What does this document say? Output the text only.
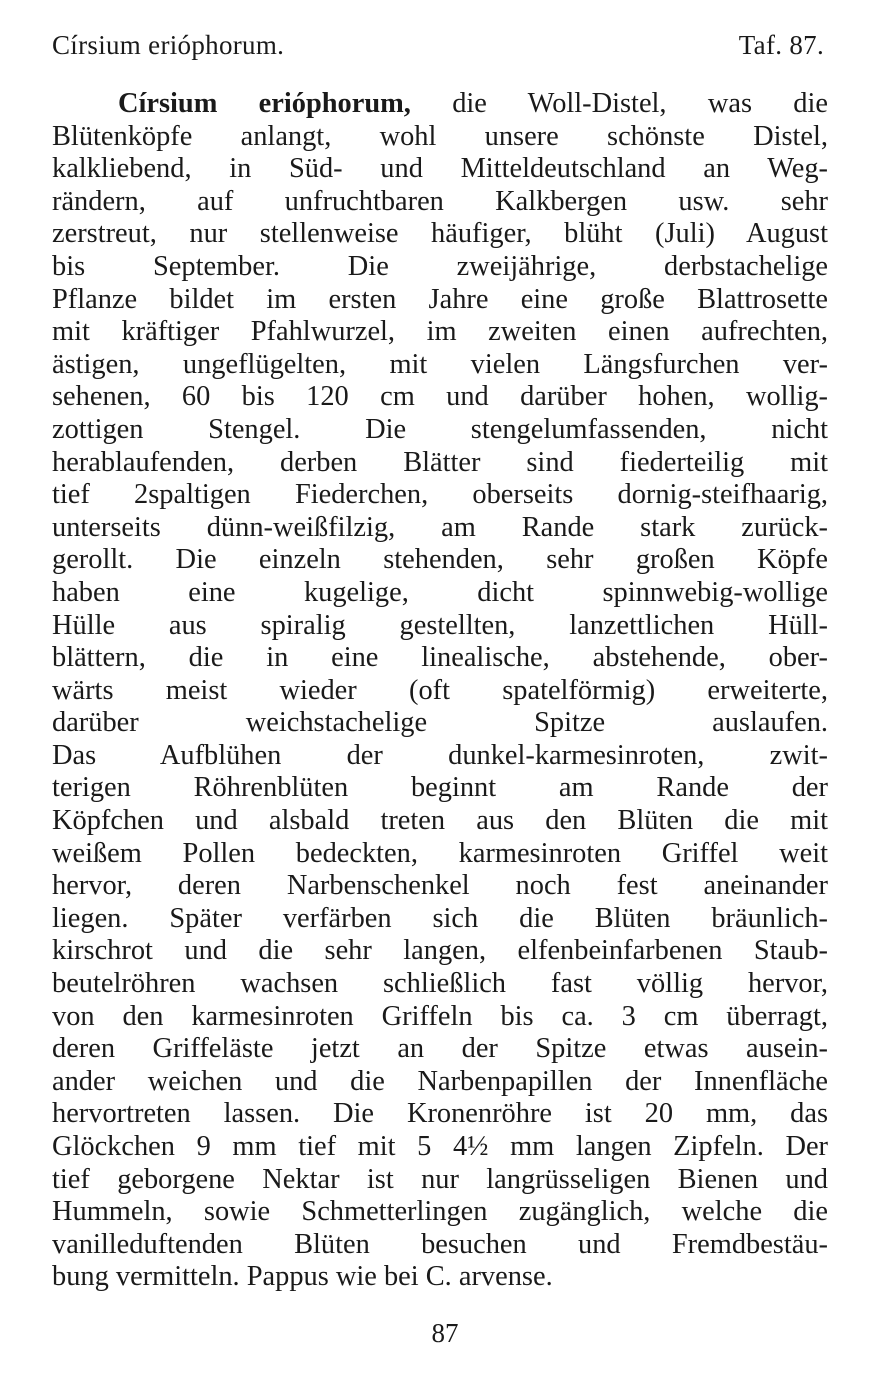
Círsium erióphorum.	Taf. 87.
Círsium erióphorum, die Woll-Distel, was die
Blütenköpfe anlangt, wohl unsere schönste Distel,
kalkliebend, in Süd- und Mitteldeutschland an Weg-
rändern, auf unfruchtbaren Kalkbergen usw. sehr
zerstreut, nur stellenweise häufiger, blüht (Juli) August
bis September. Die zweijährige, derbstachelige
Pflanze bildet im ersten Jahre eine große Blattrosette
mit kräftiger Pfahlwurzel, im zweiten einen aufrechten,
ästigen, ungeflügelten, mit vielen Längsfurchen ver-
sehenen, 60 bis 120 cm und darüber hohen, wollig-
zottigen Stengel. Die stengelumfassenden, nicht
herablaufenden, derben Blätter sind fiederteilig mit
tief 2spaltigen Fiederchen, oberseits dornig-steifhaarig,
unterseits dünn-weißfilzig, am Rande stark zurück-
gerollt. Die einzeln stehenden, sehr großen Köpfe
haben eine kugelige, dicht spinnwebig-wollige
Hülle aus spiralig gestellten, lanzettlichen Hüll-
blättern, die in eine linealische, abstehende, ober-
wärts meist wieder (oft spatelförmig) erweiterte,
darüber weichstachelige Spitze auslaufen.
Das Aufblühen der dunkel-karmesinroten, zwit-
terigen Röhrenblüten beginnt am Rande der
Köpfchen und alsbald treten aus den Blüten die mit
weißem Pollen bedeckten, karmesinroten Griffel weit
hervor, deren Narbenschenkel noch fest aneinander
liegen. Später verfärben sich die Blüten bräunlich-
kirschrot und die sehr langen, elfenbeinfarbenen Staub-
beutelröhren wachsen schließlich fast völlig hervor,
von den karmesinroten Griffeln bis ca. 3 cm überragt,
deren Griffeläste jetzt an der Spitze etwas ausein-
ander weichen und die Narbenpapillen der Innenfläche
hervortreten lassen. Die Kronenröhre ist 20 mm, das
Glöckchen 9 mm tief mit 5 4½ mm langen Zipfeln. Der
tief geborgene Nektar ist nur langrüsseligen Bienen und
Hummeln, sowie Schmetterlingen zugänglich, welche die
vanilleduftenden Blüten besuchen und Fremdbestäu-
bung vermitteln. Pappus wie bei C. arvense.
87
